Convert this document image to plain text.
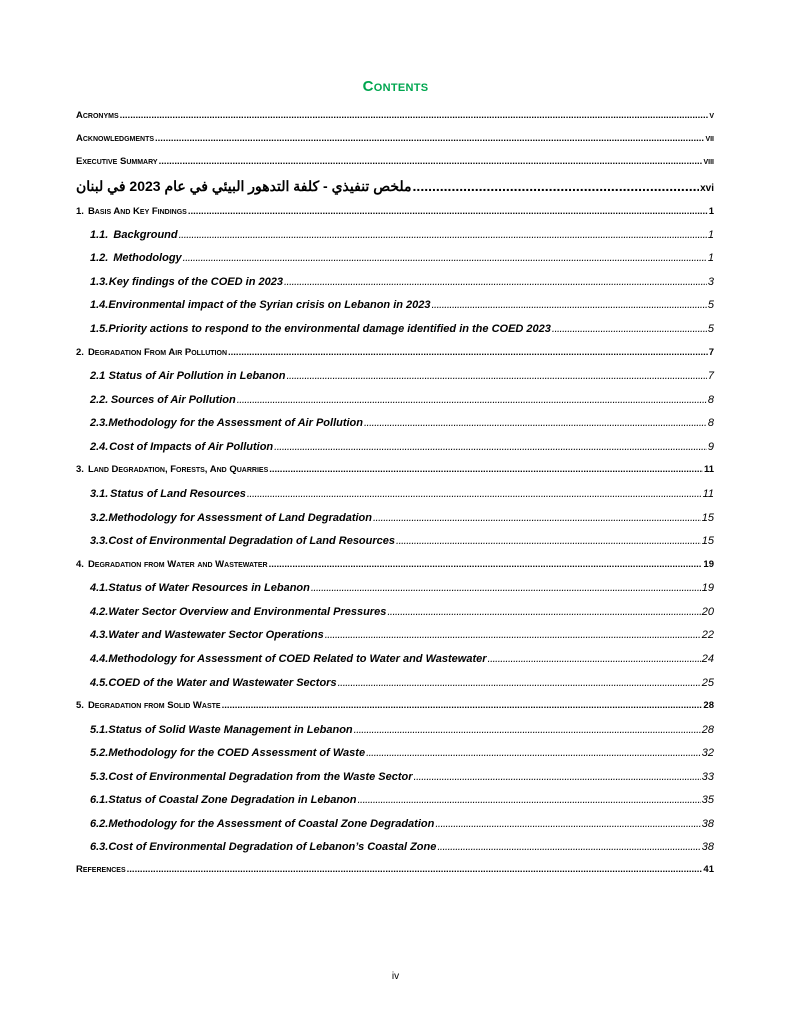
Contents
Acronyms .....	v
Acknowledgments .....	vii
Executive Summary .....	viii
ملخص تنفيذي - كلفة التدهور البيئي في عام 2023 في لبنان .....	xvi
1. Basis And Key Findings .....	1
1.1. Background .....	1
1.2. Methodology .....	1
1.3. Key findings of the COED in 2023 .....	3
1.4. Environmental impact of the Syrian crisis on Lebanon in 2023 .....	5
1.5. Priority actions to respond to the environmental damage identified in the COED 2023 .....	5
2. Degradation From Air Pollution .....	7
2.1 Status of Air Pollution in Lebanon .....	7
2.2. Sources of Air Pollution .....	8
2.3. Methodology for the Assessment of Air Pollution .....	8
2.4. Cost of Impacts of Air Pollution .....	9
3. Land Degradation, Forests, And Quarries .....	11
3.1. Status of Land Resources .....	11
3.2. Methodology for Assessment of Land Degradation .....	15
3.3. Cost of Environmental Degradation of Land Resources .....	15
4. Degradation from Water and Wastewater .....	19
4.1. Status of Water Resources in Lebanon .....	19
4.2. Water Sector Overview and Environmental Pressures .....	20
4.3. Water and Wastewater Sector Operations .....	22
4.4. Methodology for Assessment of COED Related to Water and Wastewater .....	24
4.5. COED of the Water and Wastewater Sectors .....	25
5. Degradation from Solid Waste .....	28
5.1. Status of Solid Waste Management in Lebanon .....	28
5.2. Methodology for the COED Assessment of Waste .....	32
5.3. Cost of Environmental Degradation from the Waste Sector .....	33
6.1. Status of Coastal Zone Degradation in Lebanon .....	35
6.2. Methodology for the Assessment of Coastal Zone Degradation .....	38
6.3. Cost of Environmental Degradation of Lebanon’s Coastal Zone .....	38
References .....	41
iv
